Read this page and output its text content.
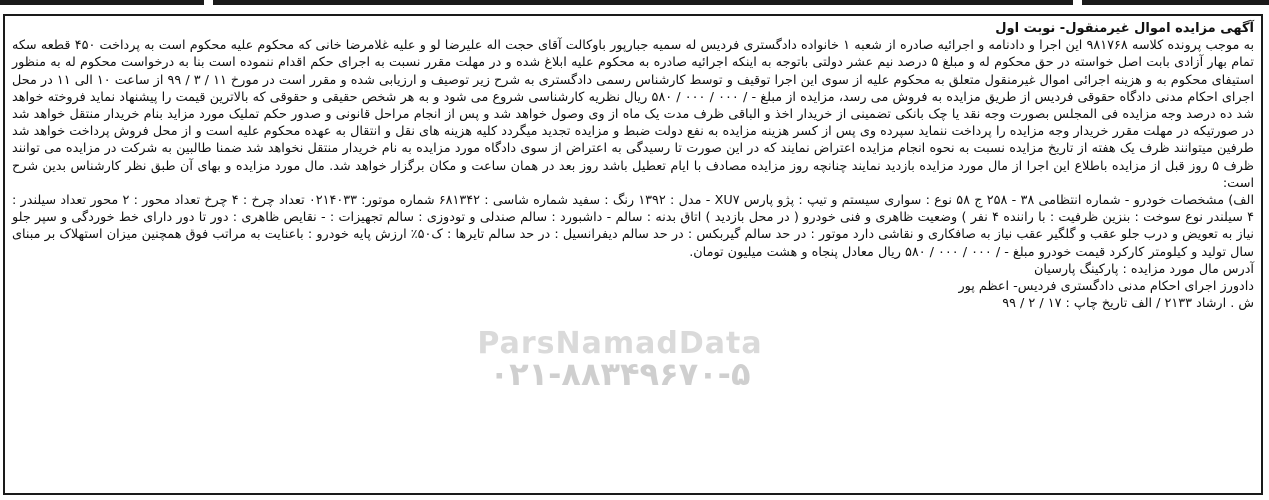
ParsNamadData
۰۲۱-۸۸۳۴۹۶۷۰-۵

آگهی مزایده اموال غیرمنقول- نوبت اول

به موجب پرونده کلاسه ۹۸۱۷۶۸ این اجرا و دادنامه و اجرائیه صادره از شعبه ۱ خانواده دادگستری فردیس له سمیه جبارپور باوکالت آقای حجت اله علیرضا لو و علیه غلامرضا خانی که محکوم علیه محکوم است به پرداخت ۴۵۰ قطعه سکه تمام بهار آزادی بابت اصل خواسته در حق محکوم له و مبلغ ۵ درصد نیم عشر دولتی باتوجه به اینکه اجرائیه صادره به محکوم علیه ابلاغ شده و در مهلت مقرر نسبت به اجرای حکم اقدام ننموده است بنا به درخواست محکوم له به منظور استیفای محکوم به و هزینه اجرائی اموال غیرمنقول متعلق به محکوم علیه از سوی این اجرا توقیف و توسط کارشناس رسمی دادگستری به شرح زیر توصیف و ارزیابی شده و مقرر است در مورخ ۱۱ / ۳ / ۹۹ از ساعت ۱۰ الی ۱۱ در محل اجرای احکام مدنی دادگاه حقوقی فردیس از طریق مزایده به فروش می رسد، مزایده از مبلغ - / ۰۰۰ / ۰۰۰ / ۵۸۰ ریال نظریه کارشناسی شروع می شود و به هر شخص حقیقی و حقوقی که بالاترین قیمت را پیشنهاد نماید فروخته خواهد شد ده درصد وجه مزایده فی المجلس بصورت وجه نقد یا چک بانکی تضمینی از خریدار اخذ و الباقی ظرف مدت یک ماه از وی وصول خواهد شد و پس از انجام مراحل قانونی و صدور حکم تملیک مورد مزاید بنام خریدار منتقل خواهد شد در صورتیکه در مهلت مقرر خریدار وجه مزایده را پرداخت ننماید سپرده وی پس از کسر هزینه مزایده به نفع دولت ضبط و مزایده تجدید میگردد کلیه هزینه های نقل و انتقال به عهده محکوم علیه است و از محل فروش پرداخت خواهد شد طرفین میتوانند ظرف یک هفته از تاریخ مزایده نسبت به نحوه انجام مزایده اعتراض نمایند که در این صورت تا رسیدگی به اعتراض از سوی دادگاه مورد مزایده به نام خریدار منتقل نخواهد شد ضمنا طالبین به شرکت در مزایده می توانند ظرف ۵ روز قبل از مزایده باطلاع این اجرا از مال مورد مزایده بازدید نمایند چنانچه روز مزایده مصادف با ایام تعطیل باشد روز بعد در همان ساعت و مکان برگزار خواهد شد. مال مورد مزایده و بهای آن طبق نظر کارشناس بدین شرح است:

الف) مشخصات خودرو - شماره انتظامی ۳۸ - ۲۵۸ ج ۵۸ نوع : سواری سیستم و تیپ : پژو پارس XU۷ - مدل : ۱۳۹۲ رنگ : سفید شماره شاسی : ۶۸۱۳۴۲ شماره موتور: ۰۲۱۴۰۳۳ تعداد چرخ : ۴ چرخ تعداد محور : ۲ محور تعداد سیلندر : ۴ سیلندر نوع سوخت : بنزین ظرفیت : با راننده ۴ نفر ) وضعیت ظاهری و فنی خودرو ( در محل بازدید ) اتاق بدنه : سالم - داشبورد : سالم صندلی و تودوزی : سالم تجهیزات : - نقایص ظاهری : دور تا دور دارای خط خوردگی و سپر جلو نیاز به تعویض و درب جلو عقب و گلگیر عقب نیاز به صافکاری و نقاشی دارد موتور : در حد سالم گیربکس : در حد سالم دیفرانسیل : در حد سالم تایرها : ک۵۰٪ ارزش پایه خودرو : باعنایت به مراتب فوق همچنین میزان استهلاک بر مبنای سال تولید و کیلومتر کارکرد قیمت خودرو مبلغ - / ۰۰۰ / ۰۰۰ / ۵۸۰ ریال معادل پنجاه و هشت میلیون تومان.

آدرس مال مورد مزایده : پارکینگ پارسیان

دادورز اجرای احکام مدنی دادگستری فردیس- اعظم پور

ش . ارشاد ۲۱۳۳ / الف تاریخ چاپ : ۱۷ / ۲ / ۹۹
